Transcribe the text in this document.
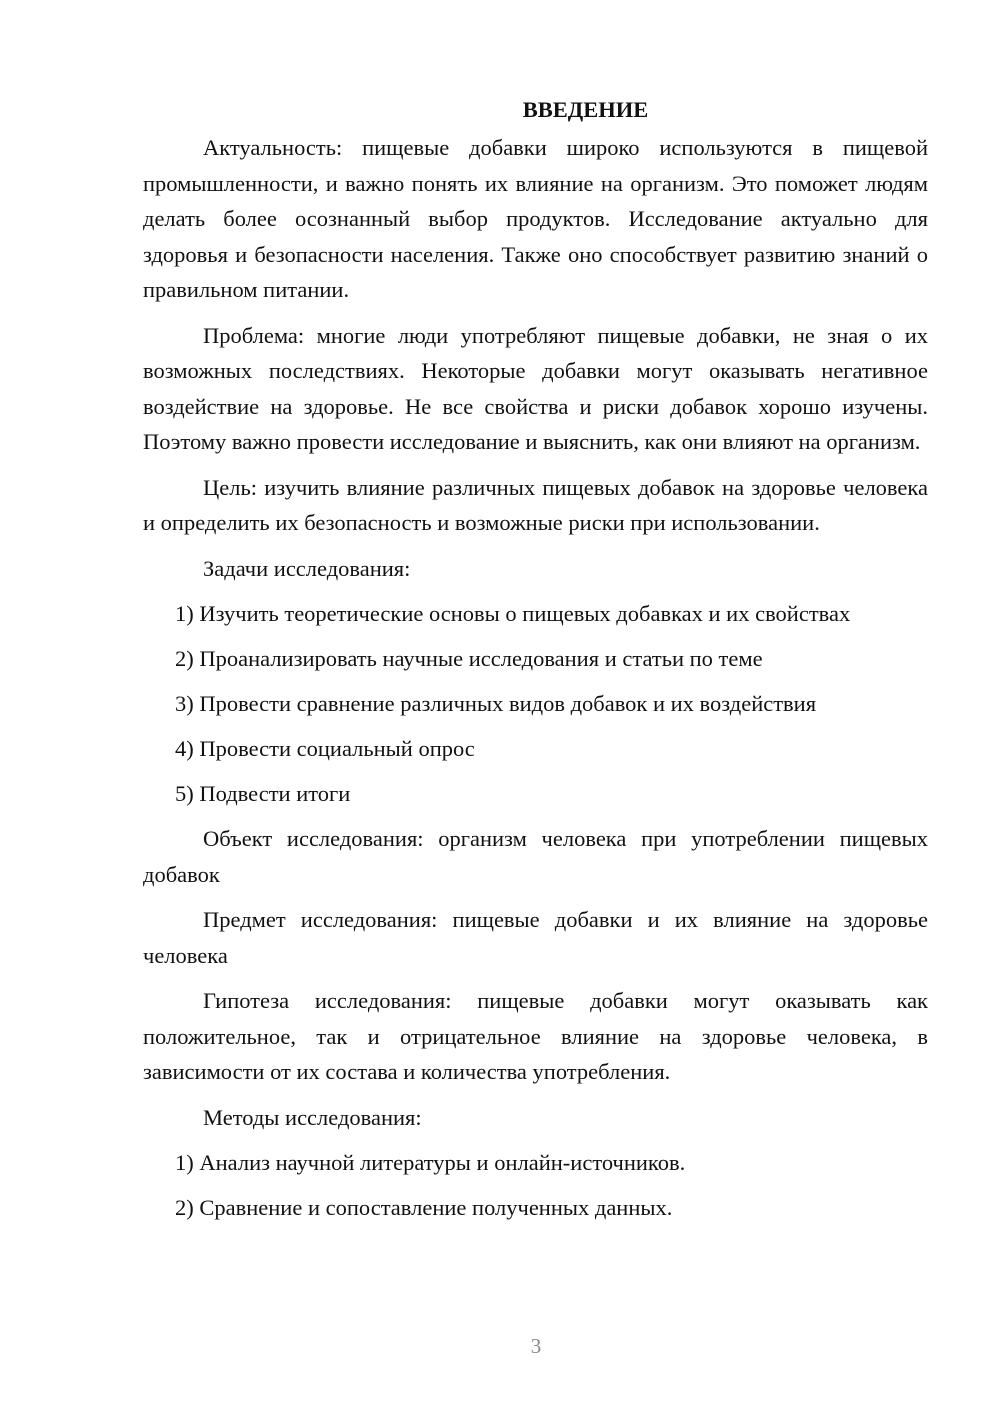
ВВЕДЕНИЕ

Актуальность: пищевые добавки широко используются в пищевой промышленности, и важно понять их влияние на организм. Это поможет людям делать более осознанный выбор продуктов. Исследование актуально для здоровья и безопасности населения. Также оно способствует развитию знаний о правильном питании.

Проблема: многие люди употребляют пищевые добавки, не зная о их возможных последствиях. Некоторые добавки могут оказывать негативное воздействие на здоровье. Не все свойства и риски добавок хорошо изучены. Поэтому важно провести исследование и выяснить, как они влияют на организм.

Цель: изучить влияние различных пищевых добавок на здоровье человека и определить их безопасность и возможные риски при использовании.

Задачи исследования:

1) Изучить теоретические основы о пищевых добавках и их свойствах
2) Проанализировать научные исследования и статьи по теме
3) Провести сравнение различных видов добавок и их воздействия
4) Провести социальный опрос
5) Подвести итоги

Объект исследования: организм человека при употреблении пищевых добавок

Предмет исследования: пищевые добавки и их влияние на здоровье человека

Гипотеза исследования: пищевые добавки могут оказывать как положительное, так и отрицательное влияние на здоровье человека, в зависимости от их состава и количества употребления.

Методы исследования:

1) Анализ научной литературы и онлайн-источников.
2) Сравнение и сопоставление полученных данных.
3
